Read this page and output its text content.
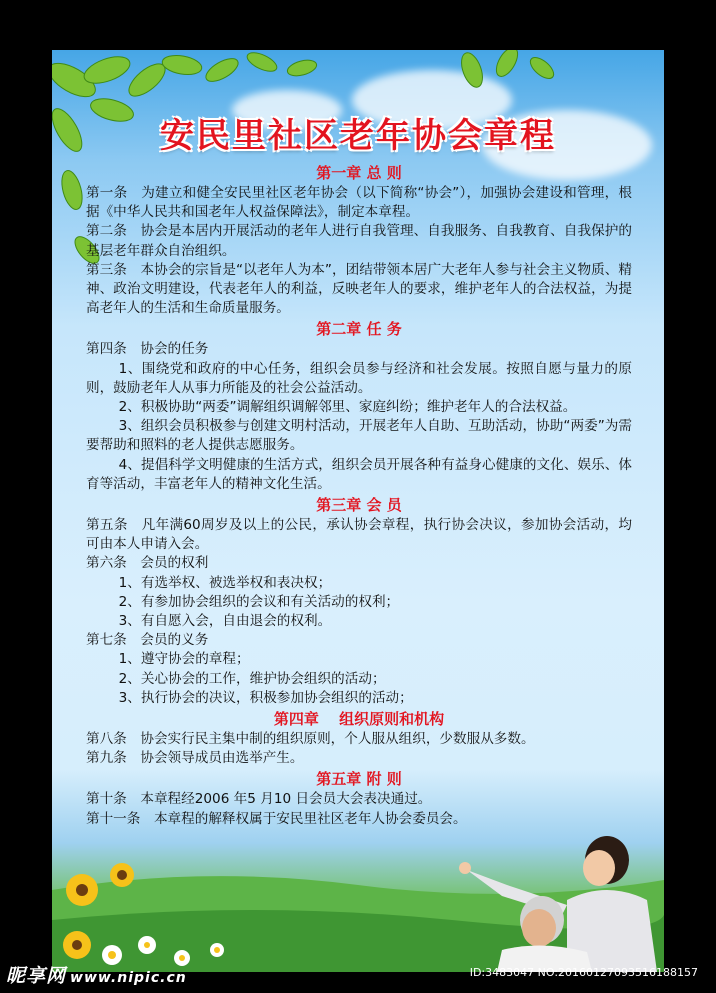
安民里社区老年协会章程
第一章 总 则

第一条　为建立和健全安民里社区老年协会（以下简称“协会”），加强协会建设和管理，根据《中华人民共和国老年人权益保障法》，制定本章程。

第二条　协会是本居内开展活动的老年人进行自我管理、自我服务、自我教育、自我保护的基层老年群众自治组织。

第三条　本协会的宗旨是“以老年人为本”，团结带领本居广大老年人参与社会主义物质、精神、政治文明建设，代表老年人的利益，反映老年人的要求，维护老年人的合法权益，为提高老年人的生活和生命质量服务。

第二章 任 务

第四条　协会的任务

1、围绕党和政府的中心任务，组织会员参与经济和社会发展。按照自愿与量力的原则，鼓励老年人从事力所能及的社会公益活动。

2、积极协助“两委”调解组织调解邻里、家庭纠纷；维护老年人的合法权益。

3、组织会员积极参与创建文明村活动，开展老年人自助、互助活动，协助“两委”为需要帮助和照料的老人提供志愿服务。

4、提倡科学文明健康的生活方式，组织会员开展各种有益身心健康的文化、娱乐、体育等活动，丰富老年人的精神文化生活。

第三章 会 员

第五条　凡年满60周岁及以上的公民，承认协会章程，执行协会决议，参加协会活动，均可由本人申请入会。

第六条　会员的权利

1、有选举权、被选举权和表决权；

2、有参加协会组织的会议和有关活动的权利；

3、有自愿入会，自由退会的权利。

第七条　会员的义务

1、遵守协会的章程；

2、关心协会的工作，维护协会组织的活动；

3、执行协会的决议，积极参加协会组织的活动；

第四章　 组织原则和机构

第八条　协会实行民主集中制的组织原则，个人服从组织，少数服从多数。

第九条　协会领导成员由选举产生。

第五章 附 则

第十条　本章程经2006 年5 月10 日会员大会表决通过。

第十一条　本章程的解释权属于安民里社区老年人协会委员会。

昵享网 www.nipic.cn	ID:3483047 NO:20160127093516188157
